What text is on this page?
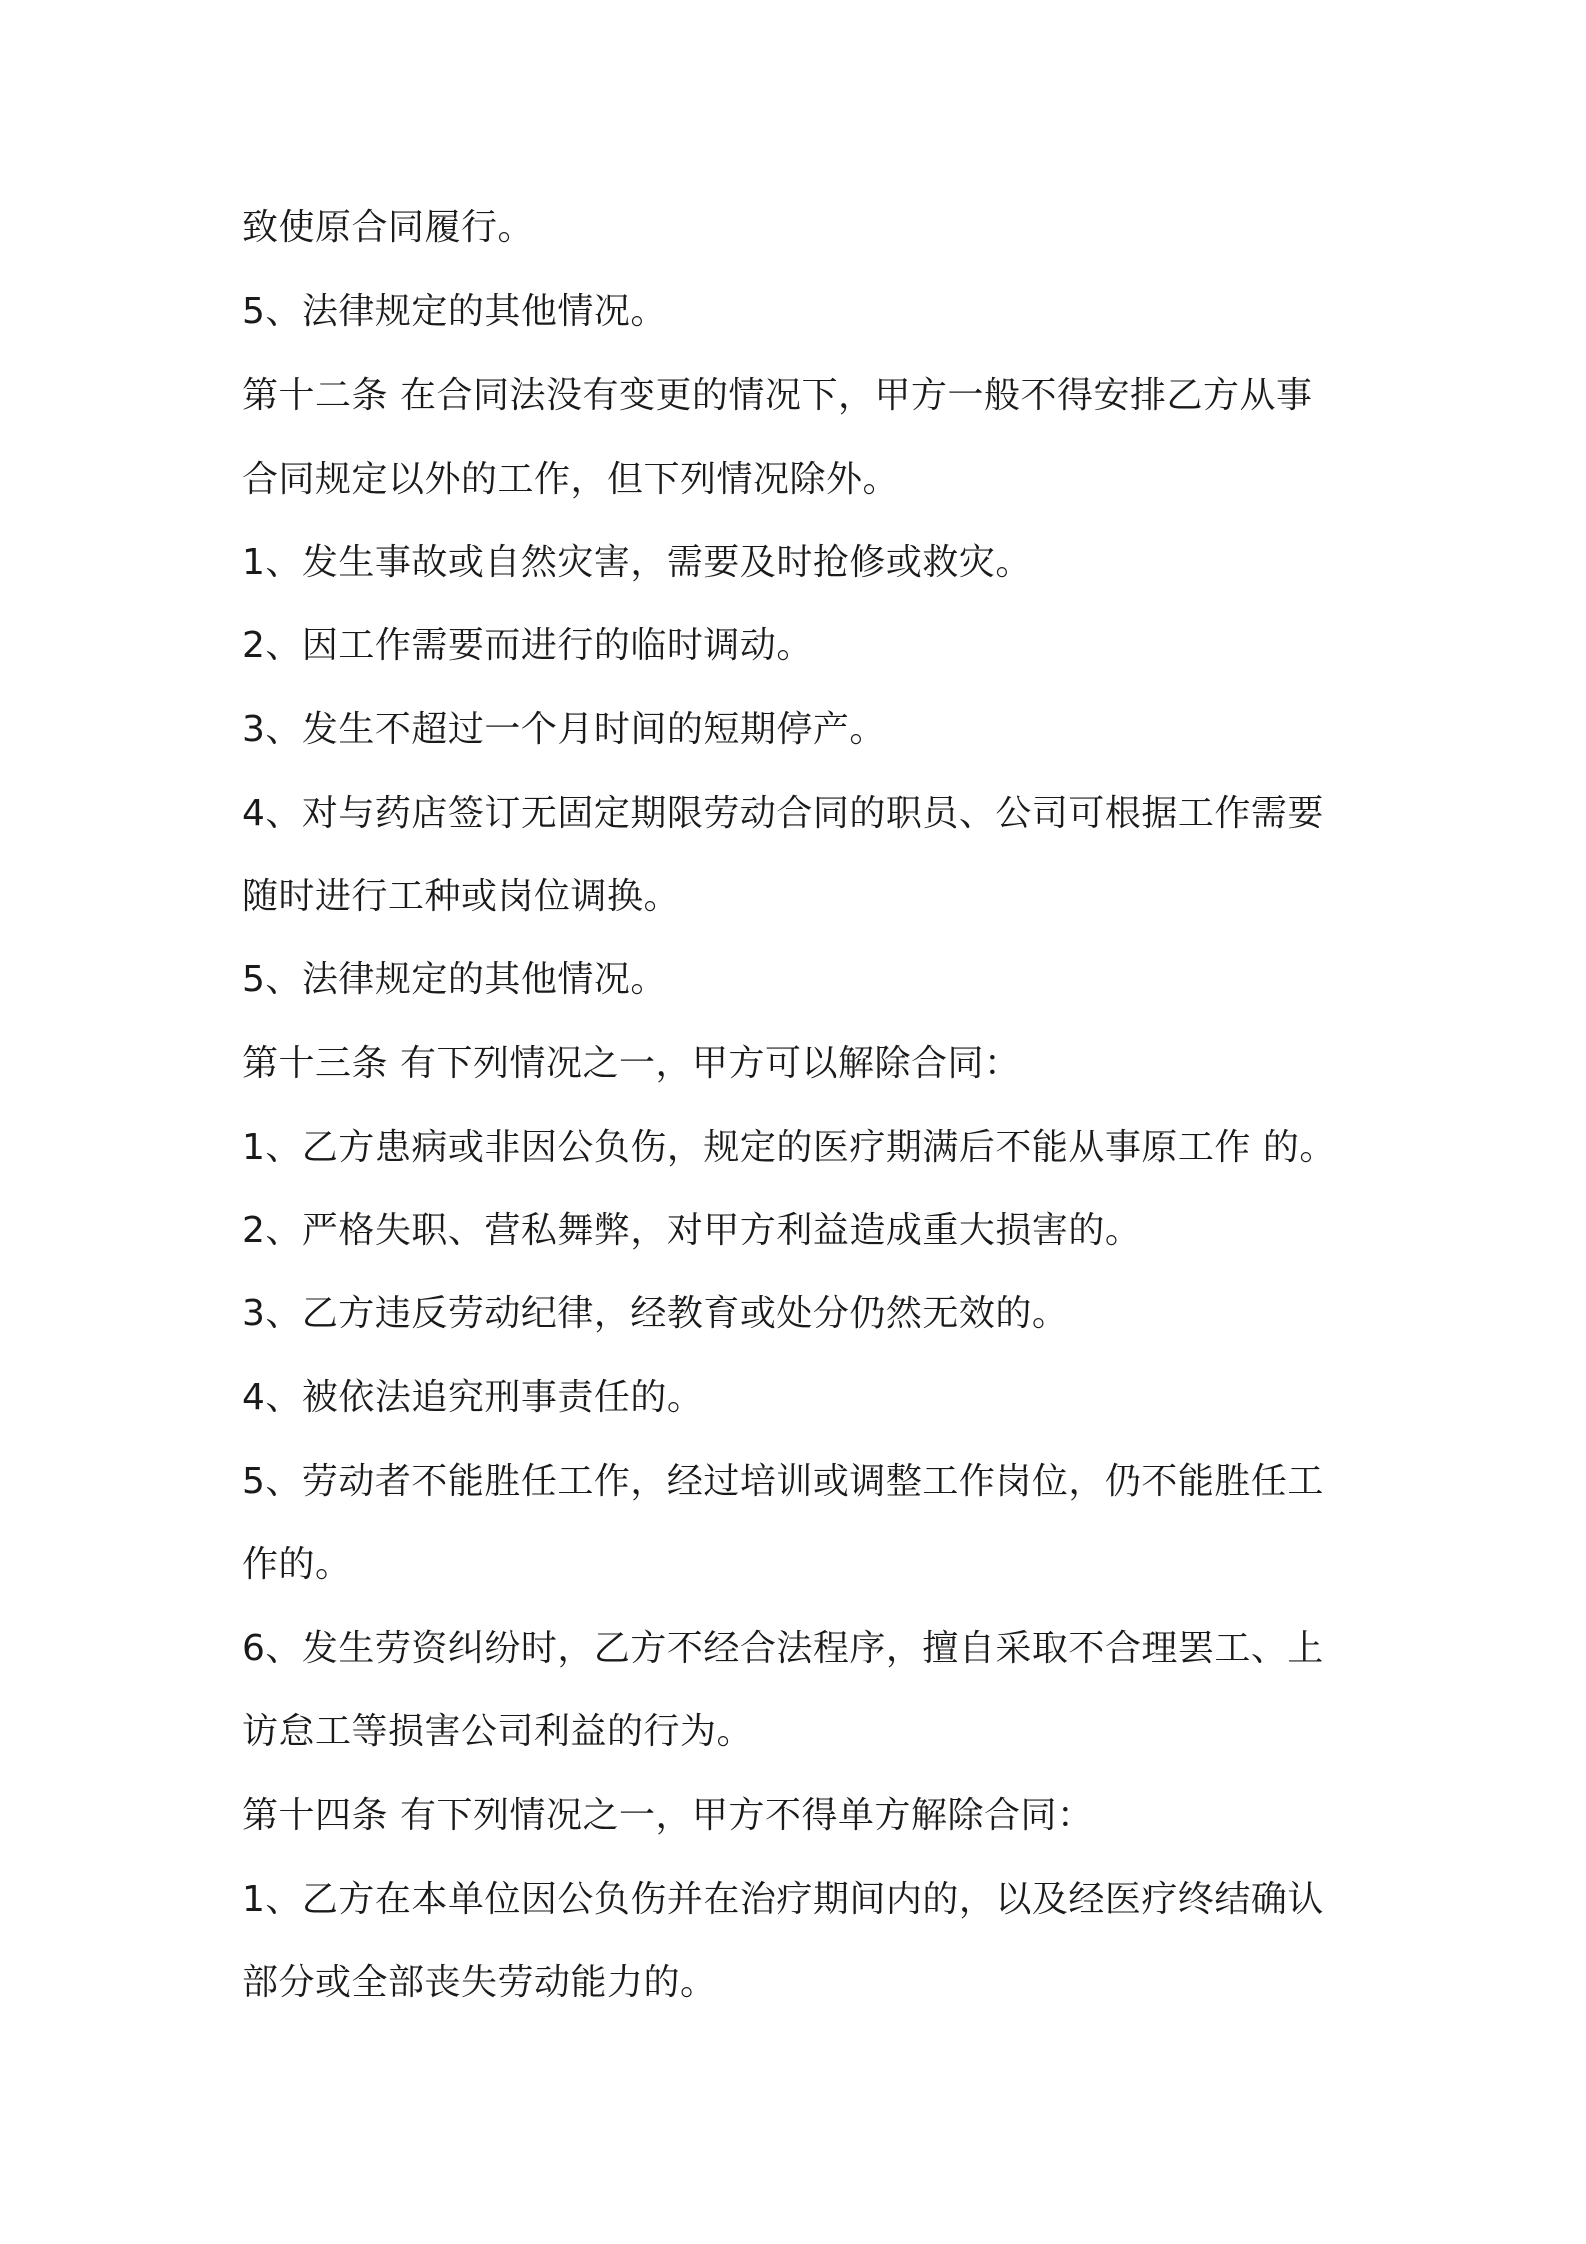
致使原合同履行。
5、法律规定的其他情况。
第十二条 在合同法没有变更的情况下，甲方一般不得安排乙方从事
合同规定以外的工作，但下列情况除外。
1、发生事故或自然灾害，需要及时抢修或救灾。
2、因工作需要而进行的临时调动。
3、发生不超过一个月时间的短期停产。
4、对与药店签订无固定期限劳动合同的职员、公司可根据工作需要
随时进行工种或岗位调换。
5、法律规定的其他情况。
第十三条 有下列情况之一，甲方可以解除合同：
1、乙方患病或非因公负伤，规定的医疗期满后不能从事原工作 的。
2、严格失职、营私舞弊，对甲方利益造成重大损害的。
3、乙方违反劳动纪律，经教育或处分仍然无效的。
4、被依法追究刑事责任的。
5、劳动者不能胜任工作，经过培训或调整工作岗位，仍不能胜任工
作的。
6、发生劳资纠纷时，乙方不经合法程序，擅自采取不合理罢工、上
访怠工等损害公司利益的行为。
第十四条 有下列情况之一，甲方不得单方解除合同：
1、乙方在本单位因公负伤并在治疗期间内的，以及经医疗终结确认
部分或全部丧失劳动能力的。
